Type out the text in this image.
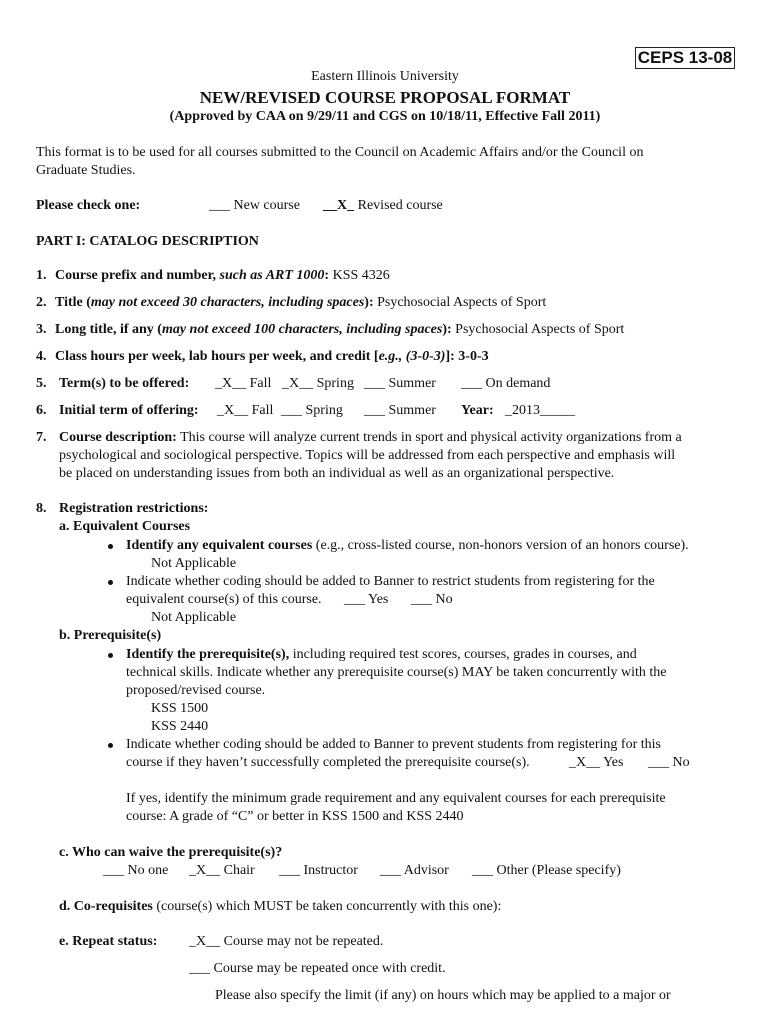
CEPS 13-08
Eastern Illinois University
NEW/REVISED COURSE PROPOSAL FORMAT
(Approved by CAA on 9/29/11 and CGS on 10/18/11, Effective Fall 2011)
This format is to be used for all courses submitted to the Council on Academic Affairs and/or the Council on
Graduate Studies.
Please check one:	___ New course __X_ Revised course
PART I: CATALOG DESCRIPTION
1. Course prefix and number, such as ART 1000: KSS 4326
2. Title (may not exceed 30 characters, including spaces): Psychosocial Aspects of Sport
3. Long title, if any (may not exceed 100 characters, including spaces): Psychosocial Aspects of Sport
4. Class hours per week, lab hours per week, and credit [e.g., (3-0-3)]: 3-0-3
5. Term(s) to be offered: _X__ Fall _X__ Spring ___ Summer ___ On demand
6. Initial term of offering: _X__ Fall ___ Spring ___ Summer Year: _2013_____
7. Course description: This course will analyze current trends in sport and physical activity organizations from a
psychological and sociological perspective. Topics will be addressed from each perspective and emphasis will
be placed on understanding issues from both an individual as well as an organizational perspective.
8. Registration restrictions:
a. Equivalent Courses
Identify any equivalent courses (e.g., cross-listed course, non-honors version of an honors course).
Not Applicable
Indicate whether coding should be added to Banner to restrict students from registering for the
equivalent course(s) of this course. ___ Yes ___ No
Not Applicable
b. Prerequisite(s)
Identify the prerequisite(s), including required test scores, courses, grades in courses, and
technical skills. Indicate whether any prerequisite course(s) MAY be taken concurrently with the
proposed/revised course.
KSS 1500
KSS 2440
Indicate whether coding should be added to Banner to prevent students from registering for this
course if they haven’t successfully completed the prerequisite course(s).	_X__ Yes ___ No
If yes, identify the minimum grade requirement and any equivalent courses for each prerequisite
course: A grade of “C” or better in KSS 1500 and KSS 2440
c. Who can waive the prerequisite(s)?
___ No one _X__ Chair ___ Instructor ___ Advisor ___ Other (Please specify)
d. Co-requisites (course(s) which MUST be taken concurrently with this one):
e. Repeat status: _X__ Course may not be repeated.
___ Course may be repeated once with credit.
Please also specify the limit (if any) on hours which may be applied to a major or
